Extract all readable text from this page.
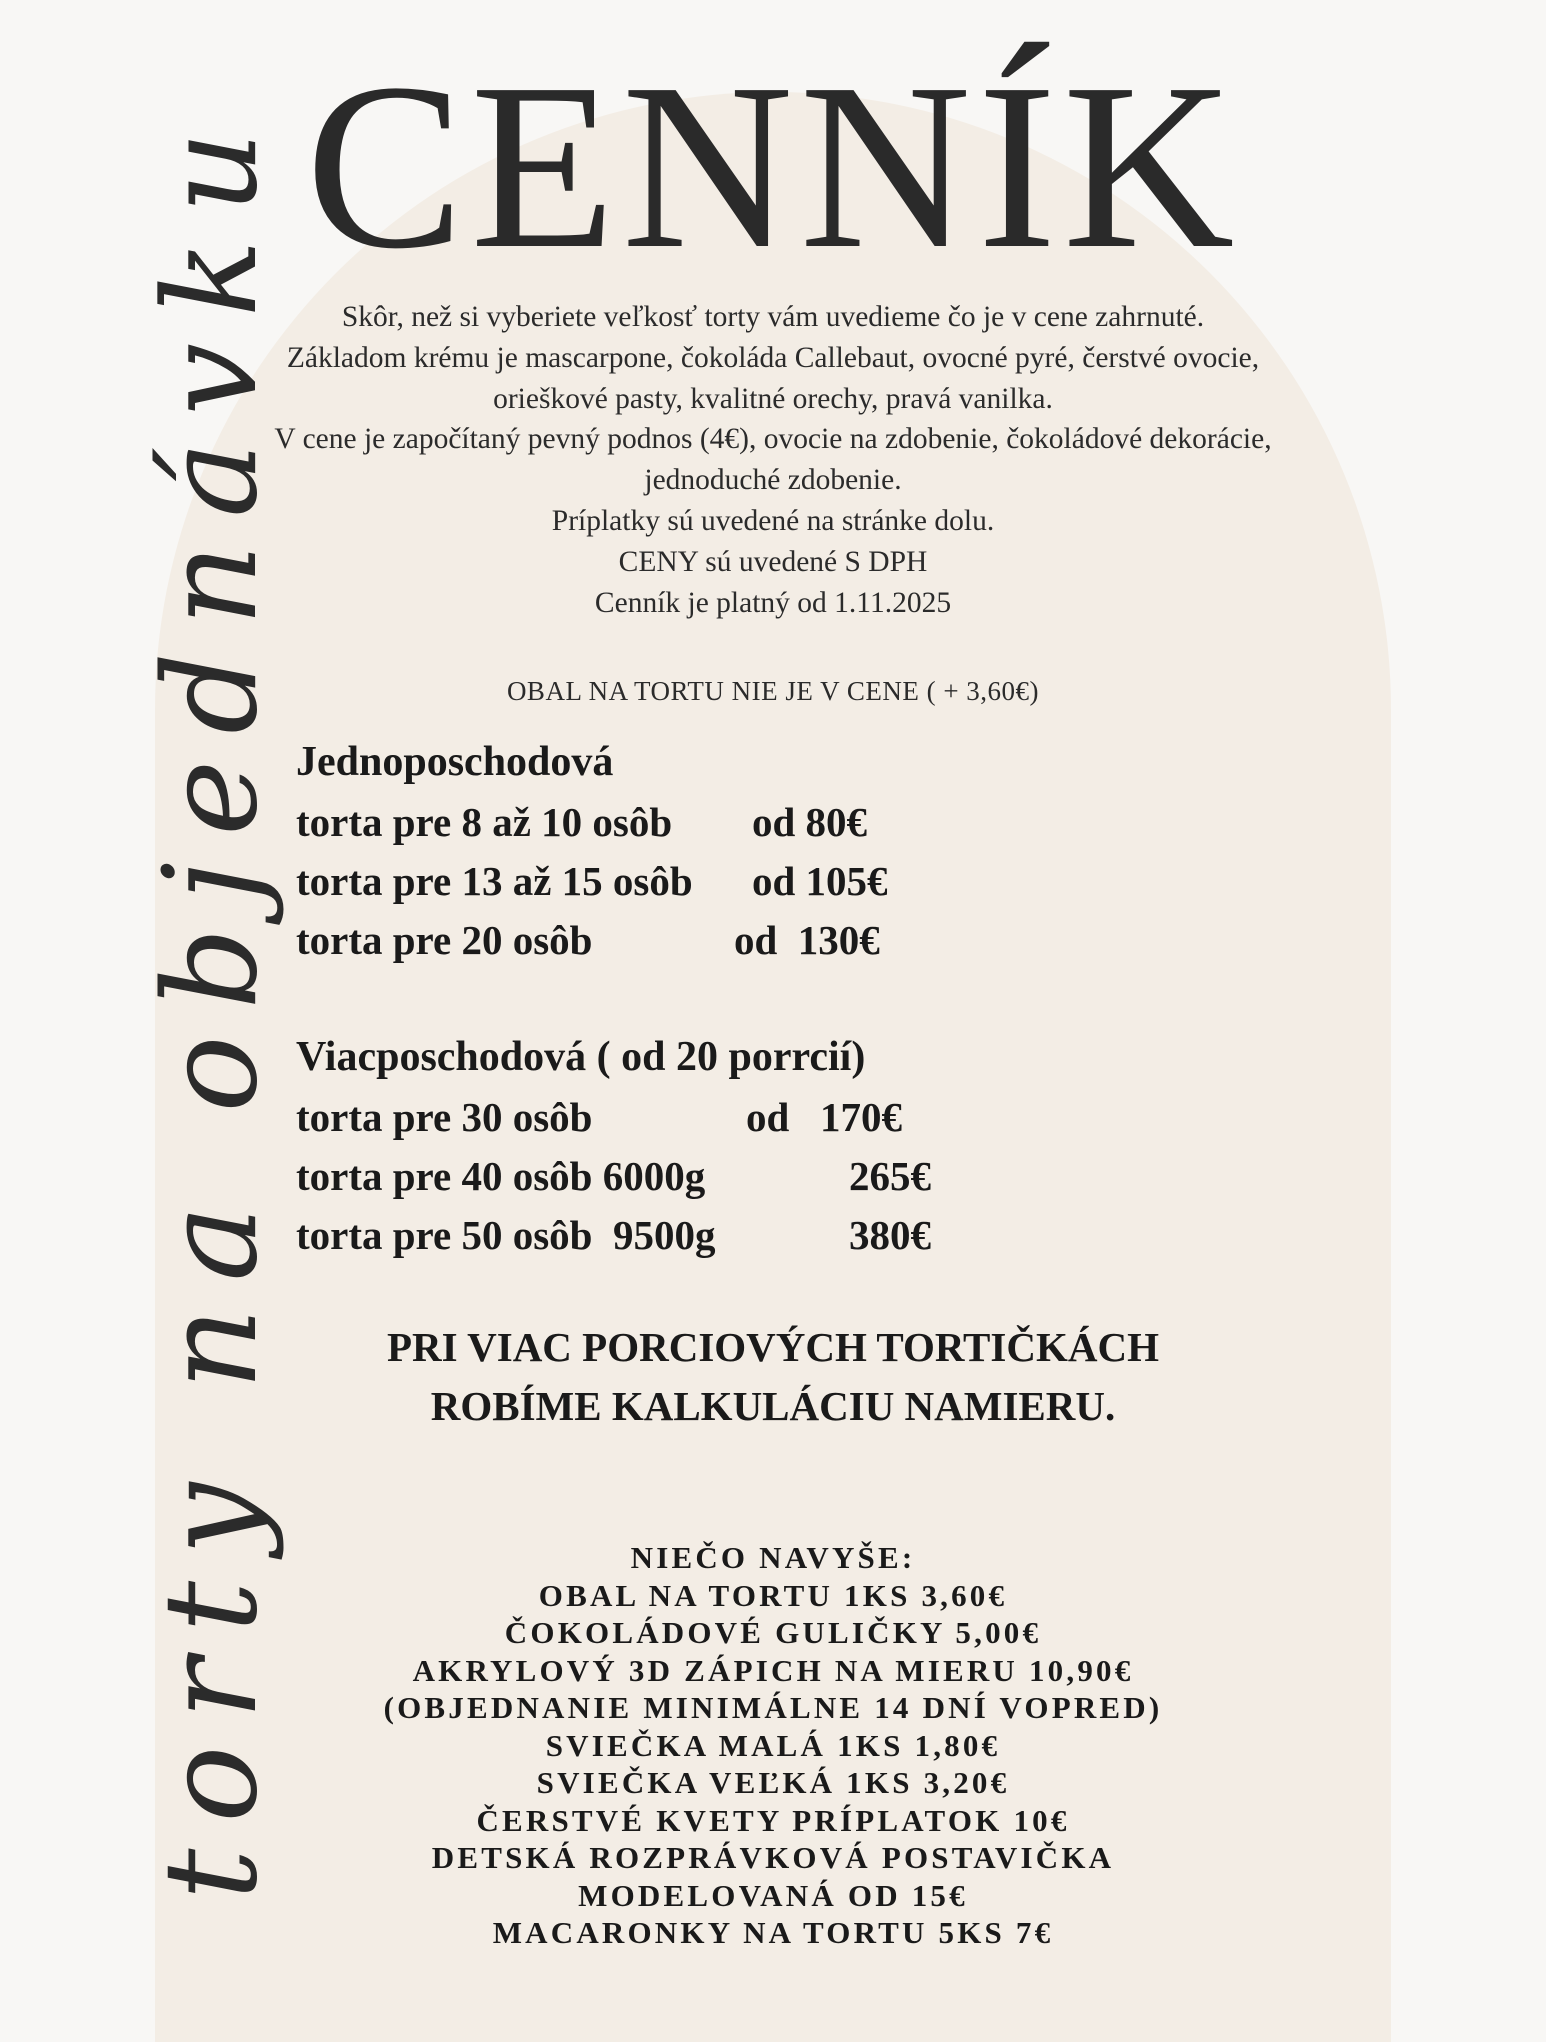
torty na objednávku CENNÍK
Skôr, než si vyberiete veľkosť torty vám uvedieme čo je v cene zahrnuté.
Základom krému je mascarpone, čokoláda Callebaut, ovocné pyré, čerstvé ovocie,
orieškové pasty, kvalitné orechy, pravá vanilka.
V cene je započítaný pevný podnos (4€), ovocie na zdobenie, čokoládové dekorácie,
jednoduché zdobenie.
Príplatky sú uvedené na stránke dolu.
CENY sú uvedené S DPH
Cenník je platný od 1.11.2025
OBAL NA TORTU NIE JE V CENE ( + 3,60€)
Jednoposchodová
torta pre 8 až 10 osôb od 80€
torta pre 13 až 15 osôb od 105€
torta pre 20 osôb	od  130€
Viacposchodová ( od 20 porrcií)
torta pre 30 osôb	od   170€
torta pre 40 osôb 6000g	265€
torta pre 50 osôb  9500g	380€
PRI VIAC PORCIOVÝCH TORTIČKÁCH
ROBÍME KALKULÁCIU NAMIERU.
NIEČO NAVYŠE:
OBAL NA TORTU 1KS 3,60€
ČOKOLÁDOVÉ GULIČKY 5,00€
AKRYLOVÝ 3D ZÁPICH NA MIERU 10,90€
(OBJEDNANIE MINIMÁLNE 14 DNÍ VOPRED)
SVIEČKA MALÁ 1KS 1,80€
SVIEČKA VEĽKÁ 1KS 3,20€
ČERSTVÉ KVETY PRÍPLATOK 10€
DETSKÁ ROZPRÁVKOVÁ POSTAVIČKA
MODELOVANÁ OD 15€
MACARONKY NA TORTU 5KS 7€
